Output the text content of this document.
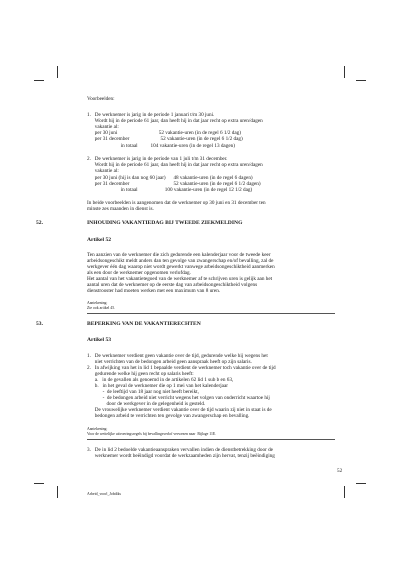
Voorbeelden:
1.   De werknemer is jarig in de periode 1 januari t/m 30 juni.
Wordt hij in de periode 61 jaar, dan heeft hij in dat jaar recht op extra uren/dagen
vakantie al:
per 30 juni                                52 vakantie-uren (in de regel 6 1/2 dag)
per 31 december                        52 vakantie-uren (in de regel 6 1/2 dag)
in totaal          104 vakantie-uren (in de regel 13 dagen)
2.   De werknemer is jarig in de periode van 1 juli t/m 31 december.
Wordt hij in de periode 61 jaar, dan heeft hij in dat jaar recht op extra uren/dagen
vakantie al:
per 30 juni (hij is dan nog 60 jaar)      48 vakantie-uren (in de regel 6 dagen)
per 31 december                                  52 vakantie-uren (in de regel 6 1/2 dagen)
in totaal                     100 vakantie-uren (in de regel 12 1/2 dag)
In beide voorbeelden is aangenomen dat de werknemer op 30 juni en 31 december ten
minste zes maanden in dienst is.
52.	INHOUDING VAKANTIEDAG BIJ TWEEDE ZIEKMELDING
Artikel 52
Ten aanzien van de werknemer die zich gedurende een kalenderjaar voor de tweede keer
arbeidsongeschikt meldt anders dan ten gevolge van zwangerschap en/of bevalling, zal de
werkgever één dag waarop niet wordt gewerkt vanwege arbeidsongeschiktheid aanmerken
als een door de werknemer opgenomen verlofdag.
Het aantal van het vakantietegoed van de werknemer af te schrijven uren is gelijk aan het
aantal uren dat de werknemer op de eerste dag van arbeidsongeschiktheid volgens
dienstrooster had moeten werken met een maximum van 8 uren.
Aantekening:
Zie ook artikel 45.
53.	BEPERKING VAN DE VAKANTIERECHTEN
Artikel 53
1.   De werknemer verdient geen vakantie over de tijd, gedurende welke hij wegens het
niet verrichten van de bedongen arbeid geen aanspraak heeft op zijn salaris.
2.   In afwijking van het in lid 1 bepaalde verdient de werknemer toch vakantie over de tijd
gedurende welke hij geen recht op salaris heeft:
a.   in de gevallen als genoemd in de artikelen 62 lid 1 sub b en 63,
b.   in het geval de werknemer die op 1 mei van het kalenderjaar
-  de leeftijd van 18 jaar nog niet heeft bereikt,
-  de bedongen arbeid niet verricht wegens het volgen van onderricht waartoe hij
door de werkgever in de gelegenheid is gesteld.
De vrouwelijke werknemer verdient vakantie over de tijd waarin zij niet in staat is de
bedongen arbeid te verrichten ten gevolge van zwangerschap en bevalling.
Aantekening:
Voor de wettelijke uitvoeringsregels bij bevallingsverlof verwezen naar  Bijlage 11E.
3.   De in lid 2 bedoelde vakantieaanspraken vervallen indien de dienstbetrekking door de
werknemer wordt beëindigd voordat de werkzaamheden zijn hervat, tenzij beëindiging
52
Arbeid_voorl_Jobdiks
